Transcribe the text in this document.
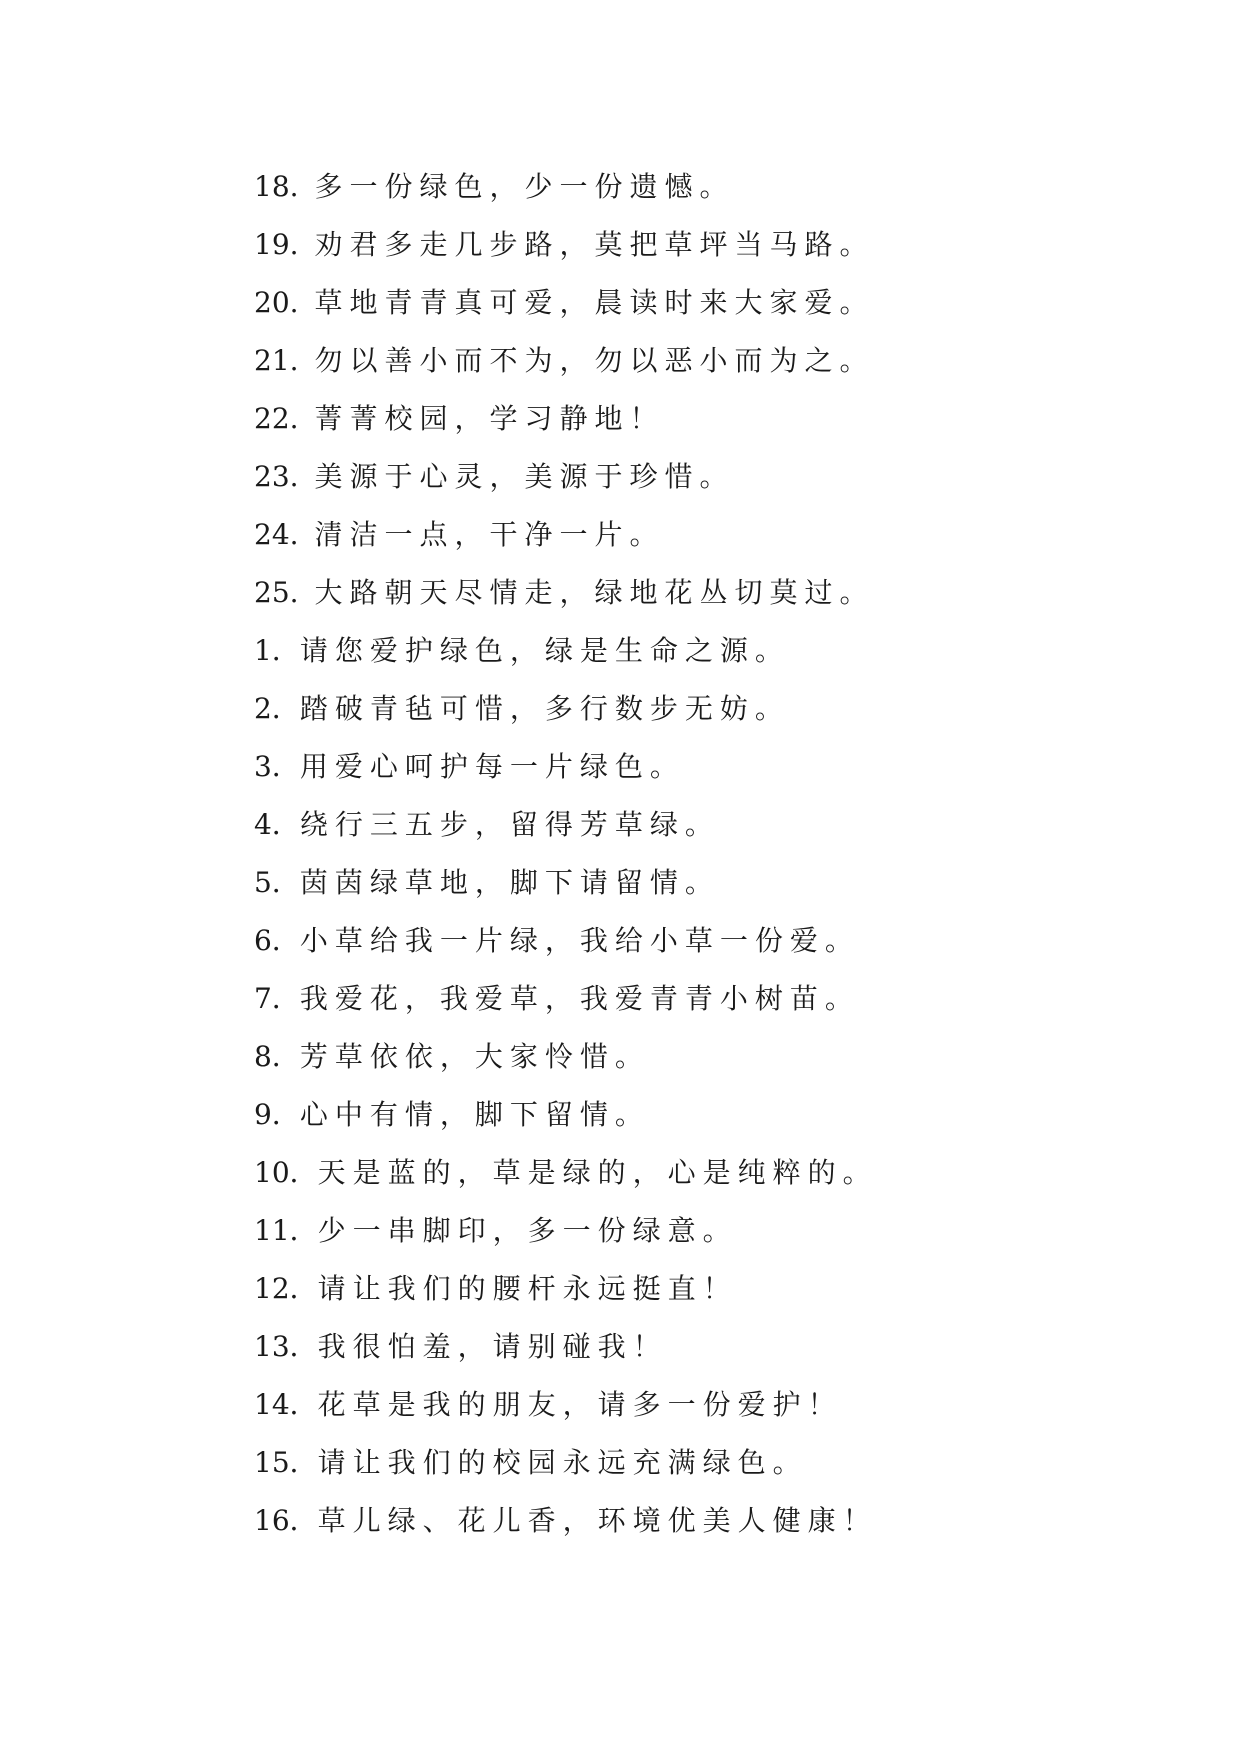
18. 多一份绿色，少一份遗憾。
19. 劝君多走几步路，莫把草坪当马路。
20. 草地青青真可爱，晨读时来大家爱。
21. 勿以善小而不为，勿以恶小而为之。
22. 菁菁校园，学习静地！
23. 美源于心灵，美源于珍惜。
24. 清洁一点，干净一片。
25. 大路朝天尽情走，绿地花丛切莫过。
1．请您爱护绿色，绿是生命之源。
2．踏破青毡可惜，多行数步无妨。
3．用爱心呵护每一片绿色。
4．绕行三五步，留得芳草绿。
5．茵茵绿草地，脚下请留情。
6．小草给我一片绿，我给小草一份爱。
7．我爱花，我爱草，我爱青青小树苗。
8．芳草依依，大家怜惜。
9．心中有情，脚下留情。
10．天是蓝的，草是绿的，心是纯粹的。
11．少一串脚印，多一份绿意。
12．请让我们的腰杆永远挺直！
13．我很怕羞，请别碰我！
14．花草是我的朋友，请多一份爱护！
15．请让我们的校园永远充满绿色。
16．草儿绿、花儿香，环境优美人健康！
